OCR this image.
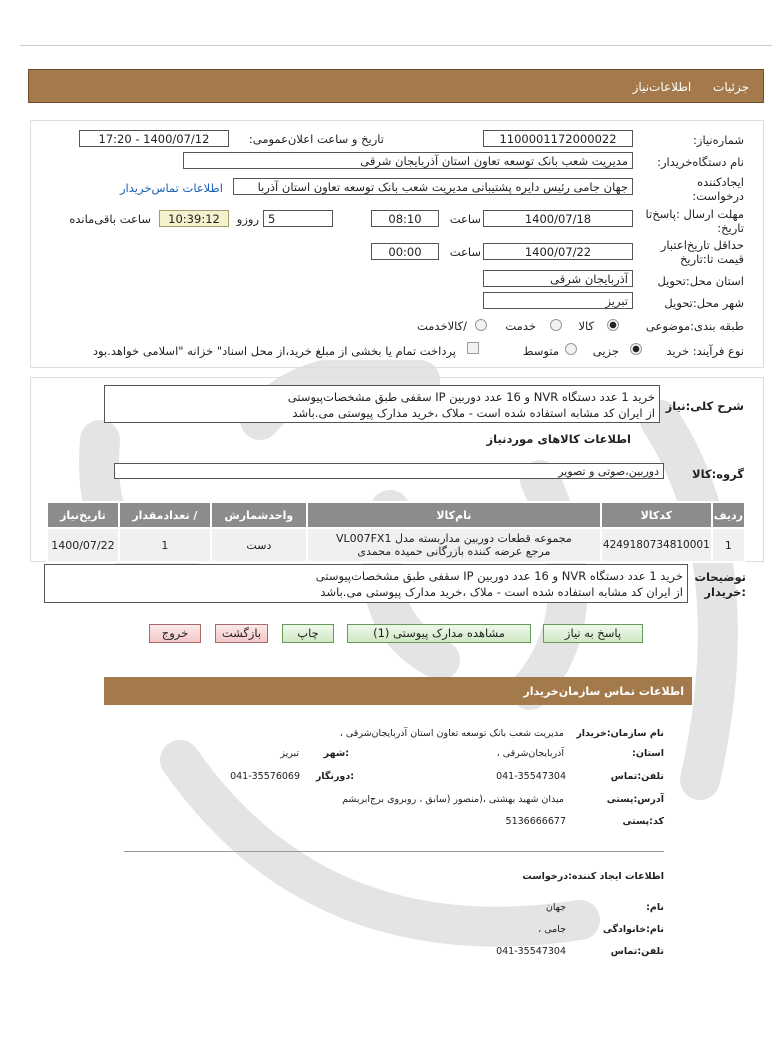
جزئیات اطلاعات‌نیاز
شماره‌نیاز:
1100001172000022
تاریخ و ساعت اعلان‌عمومی:
1400/07/12 - 17:20
نام دستگاه‌خریدار:
مدیریت شعب بانک توسعه تعاون استان آذربایجان شرقی
ایجادکننده
درخواست:
جهان جامی رئیس دایره پشتیبانی مدیریت شعب بانک توسعه تعاون استان آذربا
اطلاعات تماس‌خریدار
مهلت ارسال :پاسخ‌تا
تاریخ:
1400/07/18
ساعت
08:10
5
روزو
10:39:12
ساعت باقی‌مانده
حداقل تاریخ‌اعتبار
قیمت تا:تاریخ
1400/07/22
ساعت
00:00
استان محل:تحویل
آذربایجان شرقی
شهر محل:تحویل
تبریز
طبقه بندی:موضوعی
کالا
خدمت
/کالاخدمت
نوع فرآیند: خرید
جزیی
متوسط
پرداخت تمام یا بخشی از مبلغ خرید،از محل اسناد" خزانه "اسلامی خواهد.بود
شرح کلی:نیاز
خرید 1 عدد دستگاه NVR و 16 عدد دوربین IP سقفی طبق مشخصات‌پیوستی
از ایران کد مشابه استفاده شده است - ملاک ،خرید مدارک پیوستی می.باشد
اطلاعات کالاهای موردنیاز
گروه:کالا
دوربین،صوتی و تصویر
ردیف	کدکالا	نام‌کالا	واحدشمارش	/ تعدادمقدار	تاریخ‌نیاز
1	4249180734810001	مجموعه قطعات دوربین مداربسته مدل VL007FX1
مرجع عرضه کننده بازرگانی حمیده محمدی	دست	1	1400/07/22
توضیحات
:خریدار
خرید 1 عدد دستگاه NVR و 16 عدد دوربین IP سقفی طبق مشخصات‌پیوستی
از ایران کد مشابه استفاده شده است - ملاک ،خرید مدارک پیوستی می.باشد
پاسخ به نیاز
مشاهده مدارک پیوستی (1)
چاپ
بازگشت
خروج
اطلاعات تماس سازمان‌خریدار
نام سازمان:خریدار
مدیریت شعب بانک توسعه تعاون استان آذربایجان‌شرقی ،
استان:
آذربایجان‌شرقی ،
:شهر
تبریز
تلفن:تماس
041-35547304
:دورنگار
041-35576069
آدرس:پستی
میدان شهید بهشتی ،(منصور (سابق ، روبروی برج‌ابریشم
کد:پستی
5136666677
اطلاعات ایجاد کننده:درخواست
نام:
جهان
نام:خانوادگی
جامی ،
تلفن:تماس
041-35547304
